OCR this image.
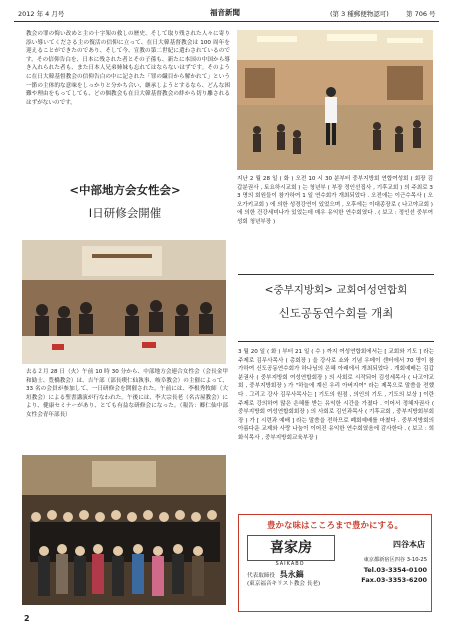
2012 年 4 月号	福音新聞	(第 3 種郵便物認可)	第 706 号
教会の罪の悔い改めと主の十字架の救しの歴史、そして取り残された人々に寄り添い導いてくださる主の復活の信仰に立って、在日大韓基督教会は 100 周年を迎えることができたのであり、そして今、宣教の第二世紀に遣わされているのです。その信仰告白を、日本に残された者とその子孫も、新たに本国の中国から導き入れられた者も、また日本人兄弟姉妹も忘れてはならないはずです。そのように在日大韓基督教会の信仰告白の中に記された「罪の繊目から解かれて」という一節の主体的な意味をしっかりと分かち合い、継承しようとするなら、どんな困難や理由をもってしても、どの個教会も在日大韓基督教会の絆から切り離されるはずがないのです。
지난 2 월 28 일 ( 화 ) 오전 10 시 30 분부터 중부지방회 연합여성회 ( 회장 김갑분권사 , 토요하시교회 ) 는 청년부 ( 부장 정인선집사 , 기후교회 ) 의 주최로 33 명의 회원들이 참가하여 1 일 연수회가 개최되었다 . 오전에는 이근수목사 ( 오오가키교회 ) 에 의한 성경강연이 있었으며 , 오후에는 이대종장로 ( 나고야교회 ) 에 의한 건강세미나가 있었는데 매우 유익한 연수회였다 . ( 보고 : 정인선 중부여성회 청년부장 )
<中部地方会女性会>
Ⅰ日研修会開催
去る２月 28 日（火）午前 10 時 30 分から、中部地方会連合女性会（会長金甲和勧士、豊橋教会）は、吉午部（部長喫仁仙執事、岐阜教会）の主催によって、33 名の会員が参加して、一日研修会を開催された。午前には、李根秀牧師（大垣教会）による聖書講演が行なわれた。午後には、李大宗長老（名古屋教会）により、健康セミナーがあり、とても有益な研修会になった。（報告：郷仁仙中部女性会青年部長）
<중부지방회> 교회여성연합회
신도공동연수회를 개최
3 월 20 일 ( 화 ) 부터 21 일 ( 수 ) 까지 여성연합회에서는 [ 교회와 기도 ] 라는 주제로 김무사목사 ( 총회장 ) 을 강사로 쇼와 기념 우메이 센터에서 70 명이 참가하여 신도공동연수회가 하나님의 은혜 아래에서 개최되었다 . 개회예배는 김갑분권사 ( 중부지방회 여성연합회장 ) 의 사회로 시작되어 김성세목사 ( 나고야교회 , 중부지방회장 ) 가 "하늘에 계신 우리 아버지여" 라는 제목으로 말씀을 전했다 . 그리고 강사 김무사목사는 [ 기도의 원점 , 의인의 기도 , 기도의 보상 ] 이란 주제로 강의하여 많은 은혜를 받는 유익한 시간을 가졌다 . 이어서 정혜자권사 ( 중부지방회 여성연합회회장 ) 의 사회로 김인과목사 ( 기후교회 , 중부지방회부회장 ) 가 [ 시련과 예배 ] 라는 말씀을 전하므로 폐회예배를 마쳤다 . 중부지방회의 아름다운 교제와 사랑 나눔이 이어진 유익한 연수회였음에 감사한다 . ( 보고 : 희화식목사 , 중부지방회교육부장 )
豊かな味はこころまで豊かにする。
喜家房
SAIKABO
代表取締役 呉永鎬
(東京福音キリスト教会 長老)
四谷本店
東京都新宿区四谷 3-10-25
Tel.03-3354-0100
Fax.03-3353-6200
2
